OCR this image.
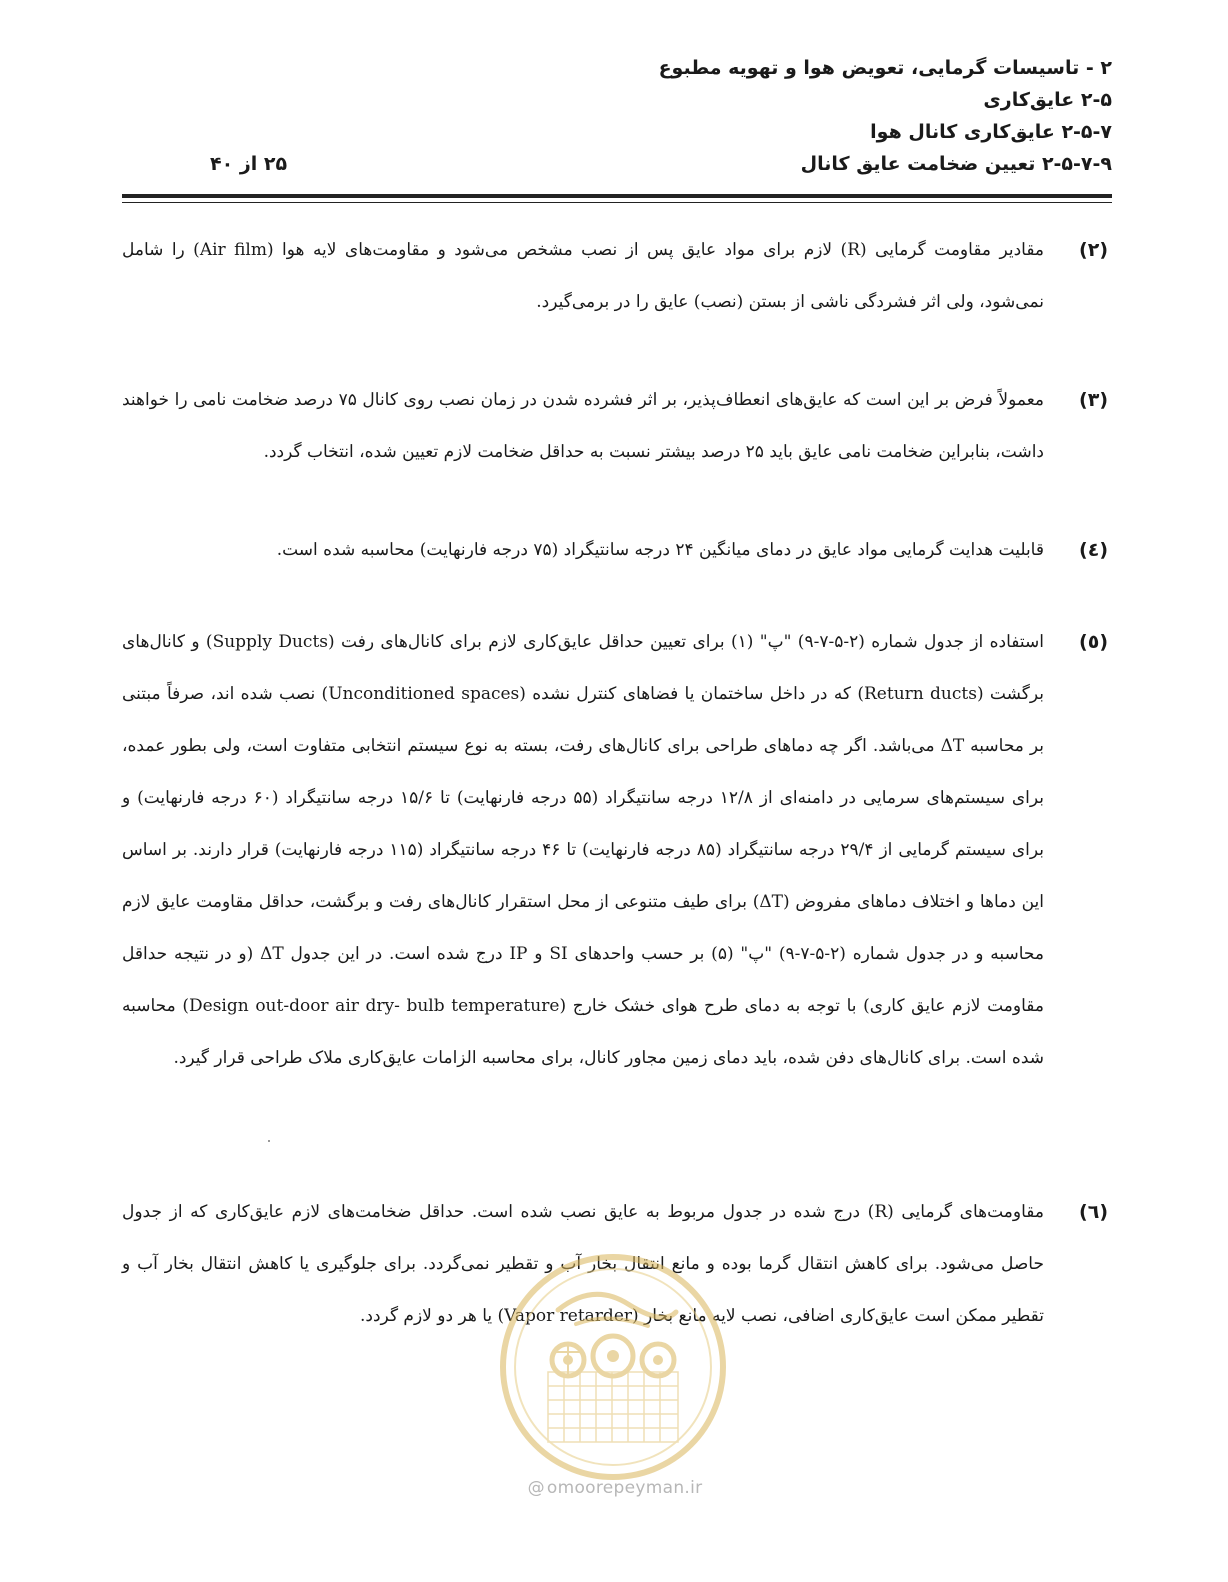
۲ - تاسیسات گرمایی، تعویض هوا و تهویه مطبوع
۲-۵ عایق‌کاری
۲-۵-۷ عایق‌کاری کانال هوا
۲-۵-۷-۹ تعیین ضخامت عایق کانال
۲۵ از ۴۰
(۲)
مقادیر مقاومت گرمایی (R) لازم برای مواد عایق پس از نصب مشخص می‌شود و مقاومت‌های لایه هوا (Air film) را شامل نمی‌شود، ولی اثر فشردگی ناشی از بستن (نصب) عایق را در برمی‌گیرد.
(۳)
معمولاً فرض بر این است که عایق‌های انعطاف‌پذیر، بر اثر فشرده شدن در زمان نصب روی کانال ۷۵ درصد ضخامت نامی را خواهند داشت، بنابراین ضخامت نامی عایق باید ۲۵ درصد بیشتر نسبت به حداقل ضخامت لازم تعیین شده، انتخاب گردد.
(٤)
قابلیت هدایت گرمایی مواد عایق در دمای میانگین ۲۴ درجه سانتیگراد (۷۵ درجه فارنهایت) محاسبه شده است.
(٥)
استفاده از جدول شماره (۲-۵-۷-۹) "پ" (۱) برای تعیین حداقل عایق‌کاری لازم برای کانال‌های رفت (Supply Ducts) و کانال‌های برگشت (Return ducts) که در داخل ساختمان یا فضاهای کنترل نشده (Unconditioned spaces) نصب شده اند، صرفاً مبتنی بر محاسبه ΔT می‌باشد. اگر چه دماهای طراحی برای کانال‌های رفت، بسته به نوع سیستم انتخابی متفاوت است، ولی بطور عمده، برای سیستم‌های سرمایی در دامنه‌ای از ۱۲/۸ درجه سانتیگراد (۵۵ درجه فارنهایت) تا ۱۵/۶ درجه سانتیگراد (۶۰ درجه فارنهایت) و برای سیستم گرمایی از ۲۹/۴ درجه سانتیگراد (۸۵ درجه فارنهایت) تا ۴۶ درجه سانتیگراد (۱۱۵ درجه فارنهایت) قرار دارند. بر اساس این دماها و اختلاف دماهای مفروض (ΔT) برای طیف متنوعی از محل استقرار کانال‌های رفت و برگشت، حداقل مقاومت عایق لازم محاسبه و در جدول شماره (۲-۵-۷-۹) "پ" (۵) بر حسب واحدهای SI و IP درج شده است. در این جدول ΔT (و در نتیجه حداقل مقاومت لازم عایق کاری) با توجه به دمای طرح هوای خشک خارج (Design out-door air dry- bulb temperature) محاسبه شده است. برای کانال‌های دفن شده، باید دمای زمین مجاور کانال، برای محاسبه الزامات عایق‌کاری ملاک طراحی قرار گیرد.
(٦)
مقاومت‌های گرمایی (R) درج شده در جدول مربوط به عایق نصب شده است. حداقل ضخامت‌های لازم عایق‌کاری که از جدول حاصل می‌شود. برای کاهش انتقال گرما بوده و مانع انتقال بخار آب و تقطیر نمی‌گردد. برای جلوگیری یا کاهش انتقال بخار آب و تقطیر ممکن است عایق‌کاری اضافی، نصب لایه مانع بخار (Vapor retarder) یا هر دو لازم گردد.
@ omoorepeyman.ir
